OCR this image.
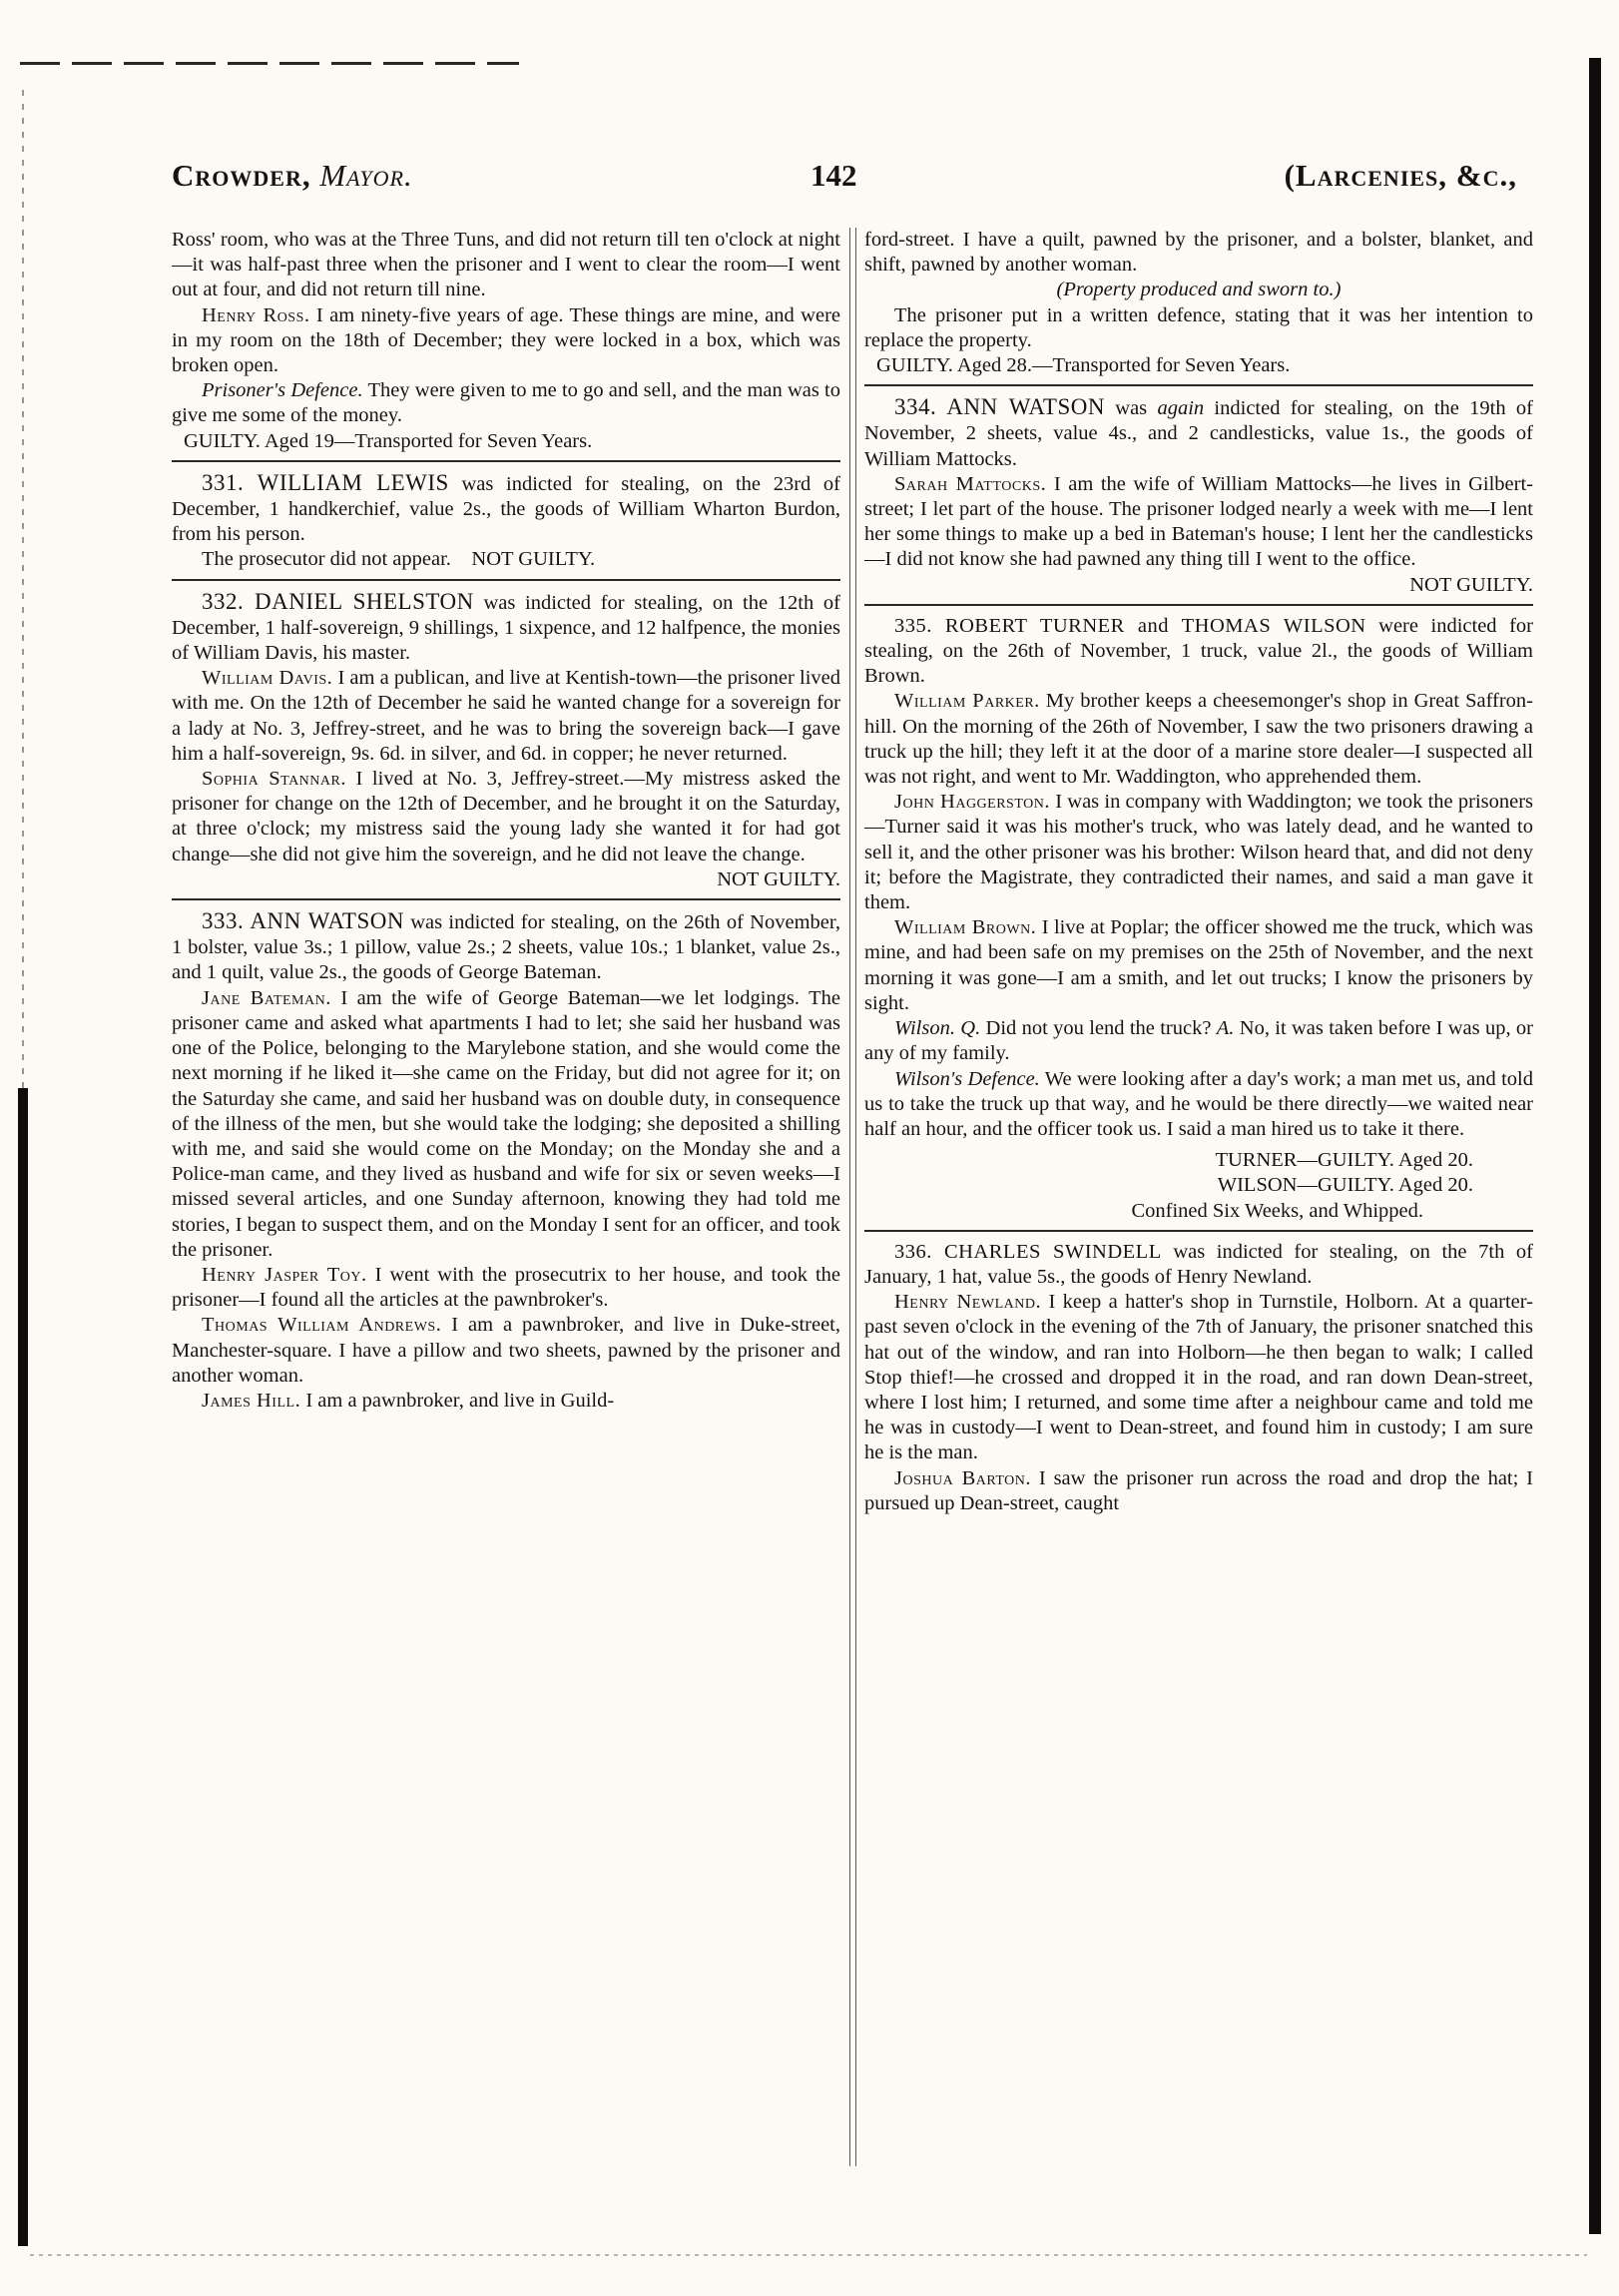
Crowder, Mayor.	142	(Larcenies, &c.,

Ross' room, who was at the Three Tuns, and did not return till ten o'clock at night—it was half-past three when the prisoner and I went to clear the room—I went out at four, and did not return till nine.

Henry Ross. I am ninety-five years of age. These things are mine, and were in my room on the 18th of December; they were locked in a box, which was broken open.

Prisoner's Defence. They were given to me to go and sell, and the man was to give me some of the money.

GUILTY. Aged 19—Transported for Seven Years.

331. WILLIAM LEWIS was indicted for stealing, on the 23rd of December, 1 handkerchief, value 2s., the goods of William Wharton Burdon, from his person.

The prosecutor did not appear. NOT GUILTY.

332. DANIEL SHELSTON was indicted for stealing, on the 12th of December, 1 half-sovereign, 9 shillings, 1 sixpence, and 12 halfpence, the monies of William Davis, his master.

William Davis. I am a publican, and live at Kentish-town—the prisoner lived with me. On the 12th of December he said he wanted change for a sovereign for a lady at No. 3, Jeffrey-street, and he was to bring the sovereign back—I gave him a half-sovereign, 9s. 6d. in silver, and 6d. in copper; he never returned.

Sophia Stannar. I lived at No. 3, Jeffrey-street.—My mistress asked the prisoner for change on the 12th of December, and he brought it on the Saturday, at three o'clock; my mistress said the young lady she wanted it for had got change—she did not give him the sovereign, and he did not leave the change.

NOT GUILTY.

333. ANN WATSON was indicted for stealing, on the 26th of November, 1 bolster, value 3s.; 1 pillow, value 2s.; 2 sheets, value 10s.; 1 blanket, value 2s., and 1 quilt, value 2s., the goods of George Bateman.

Jane Bateman. I am the wife of George Bateman—we let lodgings. The prisoner came and asked what apartments I had to let; she said her husband was one of the Police, belonging to the Marylebone station, and she would come the next morning if he liked it—she came on the Friday, but did not agree for it; on the Saturday she came, and said her husband was on double duty, in consequence of the illness of the men, but she would take the lodging; she deposited a shilling with me, and said she would come on the Monday; on the Monday she and a Police-man came, and they lived as husband and wife for six or seven weeks—I missed several articles, and one Sunday afternoon, knowing they had told me stories, I began to suspect them, and on the Monday I sent for an officer, and took the prisoner.

Henry Jasper Toy. I went with the prosecutrix to her house, and took the prisoner—I found all the articles at the pawnbroker's.

Thomas William Andrews. I am a pawnbroker, and live in Duke-street, Manchester-square. I have a pillow and two sheets, pawned by the prisoner and another woman.

James Hill. I am a pawnbroker, and live in Guild-

ford-street. I have a quilt, pawned by the prisoner, and a bolster, blanket, and shift, pawned by another woman.

(Property produced and sworn to.)

The prisoner put in a written defence, stating that it was her intention to replace the property.

GUILTY. Aged 28.—Transported for Seven Years.

334. ANN WATSON was again indicted for stealing, on the 19th of November, 2 sheets, value 4s., and 2 candlesticks, value 1s., the goods of William Mattocks.

Sarah Mattocks. I am the wife of William Mattocks—he lives in Gilbert-street; I let part of the house. The prisoner lodged nearly a week with me—I lent her some things to make up a bed in Bateman's house; I lent her the candlesticks—I did not know she had pawned any thing till I went to the office.

NOT GUILTY.

335. ROBERT TURNER and THOMAS WILSON were indicted for stealing, on the 26th of November, 1 truck, value 2l., the goods of William Brown.

William Parker. My brother keeps a cheesemonger's shop in Great Saffron-hill. On the morning of the 26th of November, I saw the two prisoners drawing a truck up the hill; they left it at the door of a marine store dealer—I suspected all was not right, and went to Mr. Waddington, who apprehended them.

John Haggerston. I was in company with Waddington; we took the prisoners—Turner said it was his mother's truck, who was lately dead, and he wanted to sell it, and the other prisoner was his brother: Wilson heard that, and did not deny it; before the Magistrate, they contradicted their names, and said a man gave it them.

William Brown. I live at Poplar; the officer showed me the truck, which was mine, and had been safe on my premises on the 25th of November, and the next morning it was gone—I am a smith, and let out trucks; I know the prisoners by sight.

Wilson. Q. Did not you lend the truck? A. No, it was taken before I was up, or any of my family.

Wilson's Defence. We were looking after a day's work; a man met us, and told us to take the truck up that way, and he would be there directly—we waited near half an hour, and the officer took us. I said a man hired us to take it there.

TURNER—GUILTY. Aged 20.

WILSON—GUILTY. Aged 20.

Confined Six Weeks, and Whipped.

336. CHARLES SWINDELL was indicted for stealing, on the 7th of January, 1 hat, value 5s., the goods of Henry Newland.

Henry Newland. I keep a hatter's shop in Turnstile, Holborn. At a quarter-past seven o'clock in the evening of the 7th of January, the prisoner snatched this hat out of the window, and ran into Holborn—he then began to walk; I called Stop thief!—he crossed and dropped it in the road, and ran down Dean-street, where I lost him; I returned, and some time after a neighbour came and told me he was in custody—I went to Dean-street, and found him in custody; I am sure he is the man.

Joshua Barton. I saw the prisoner run across the road and drop the hat; I pursued up Dean-street, caught
